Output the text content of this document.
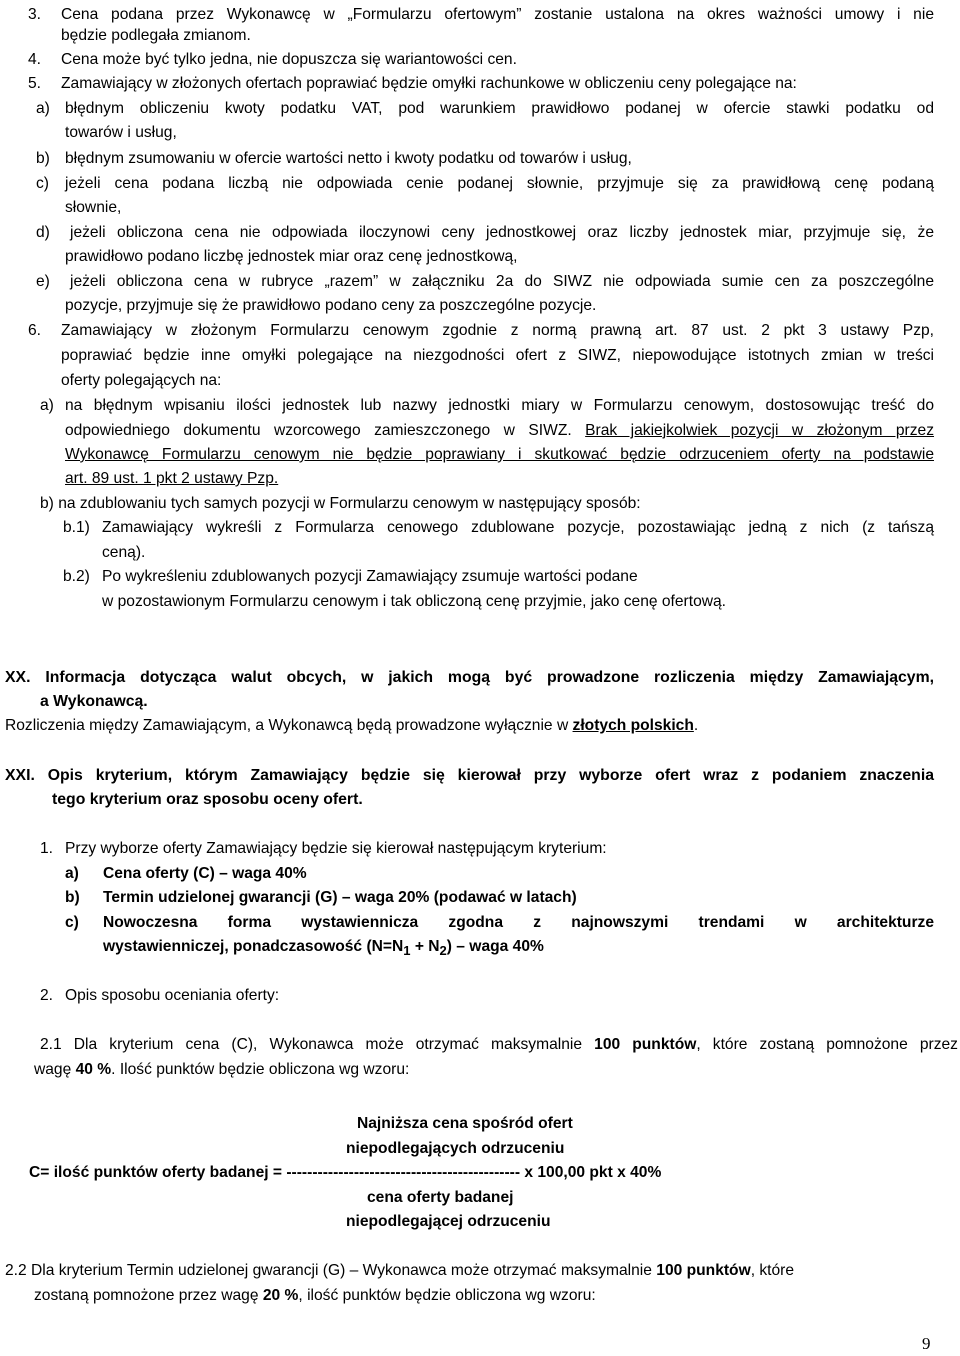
3. Cena podana przez Wykonawcę w „Formularzu ofertowym” zostanie ustalona na okres ważności umowy i nie
będzie podlegała zmianom.
4. Cena może być tylko jedna, nie dopuszcza się wariantowości cen.
5. Zamawiający w złożonych ofertach poprawiać będzie omyłki rachunkowe w obliczeniu ceny polegające na:
a) błędnym obliczeniu kwoty podatku VAT, pod warunkiem prawidłowo podanej w ofercie stawki podatku od
towarów i usług,
b) błędnym zsumowaniu w ofercie wartości netto i kwoty podatku od towarów i usług,
c) jeżeli cena podana liczbą nie odpowiada cenie podanej słownie, przyjmuje się za prawidłową cenę podaną
słownie,
d) jeżeli obliczona cena nie odpowiada iloczynowi ceny jednostkowej oraz liczby jednostek miar, przyjmuje się, że
prawidłowo podano liczbę jednostek miar oraz cenę jednostkową,
e) jeżeli obliczona cena w rubryce „razem” w załączniku 2a do SIWZ nie odpowiada sumie cen za poszczególne
pozycje, przyjmuje się że prawidłowo podano ceny za poszczególne pozycje.
6. Zamawiający w złożonym Formularzu cenowym zgodnie z normą prawną art. 87 ust. 2 pkt 3 ustawy Pzp,
poprawiać będzie inne omyłki polegające na niezgodności ofert z SIWZ, niepowodujące istotnych zmian w treści
oferty polegających na:
a) na błędnym wpisaniu ilości jednostek lub nazwy jednostki miary w Formularzu cenowym, dostosowując treść do
odpowiedniego dokumentu wzorcowego zamieszczonego w SIWZ. Brak jakiejkolwiek pozycji w złożonym przez
Wykonawcę Formularzu cenowym nie będzie poprawiany i skutkować będzie odrzuceniem oferty na podstawie
art. 89 ust. 1 pkt 2 ustawy Pzp.
b) na zdublowaniu tych samych pozycji w Formularzu cenowym w następujący sposób:
b.1) Zamawiający wykreśli z Formularza cenowego zdublowane pozycje, pozostawiając jedną z nich (z tańszą
ceną).
b.2) Po wykreśleniu zdublowanych pozycji Zamawiający zsumuje wartości podane
w pozostawionym Formularzu cenowym i tak obliczoną cenę przyjmie, jako cenę ofertową.
XX. Informacja dotycząca walut obcych, w jakich mogą być prowadzone rozliczenia między Zamawiającym,
a Wykonawcą.
Rozliczenia między Zamawiającym, a Wykonawcą będą prowadzone wyłącznie w złotych polskich.
XXI. Opis kryterium, którym Zamawiający będzie się kierował przy wyborze ofert wraz z podaniem znaczenia
tego kryterium oraz sposobu oceny ofert.
1. Przy wyborze oferty Zamawiający będzie się kierował następującym kryterium:
a) Cena oferty (C) – waga 40%
b) Termin udzielonej gwarancji (G) – waga 20% (podawać w latach)
c) Nowoczesna forma wystawiennicza zgodna z najnowszymi trendami w architekturze
wystawienniczej, ponadczasowość $(N=N_1 + N_2)$ – waga 40%
2. Opis sposobu oceniania oferty:
2.1 Dla kryterium cena (C), Wykonawca może otrzymać maksymalnie 100 punktów, które zostaną pomnożone przez
wagę 40 %. Ilość punktów będzie obliczona wg wzoru:
Najniższa cena spośród ofert
niepodlegających odrzuceniu
C= ilość punktów oferty badanej = --------------------------------------------- x 100,00 pkt x 40%
cena oferty badanej
niepodlegającej odrzuceniu
2.2 Dla kryterium Termin udzielonej gwarancji (G) – Wykonawca może otrzymać maksymalnie 100 punktów, które
zostaną pomnożone przez wagę 20 %, ilość punktów będzie obliczona wg wzoru:
9
